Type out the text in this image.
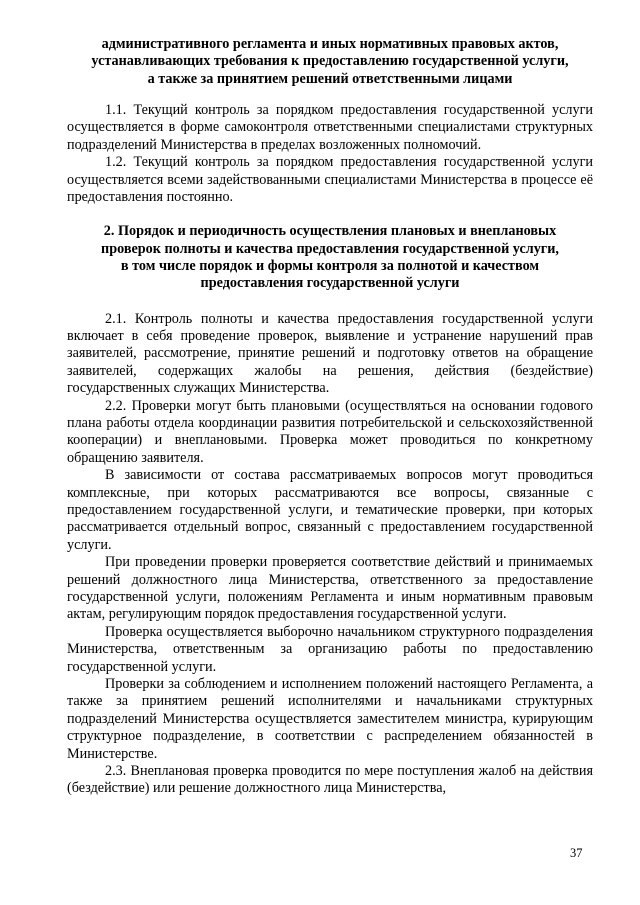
административного регламента и иных нормативных правовых актов,
устанавливающих требования к предоставлению государственной услуги,
а также за принятием решений ответственными лицами

1.1. Текущий контроль за порядком предоставления государственной услуги осуществляется в форме самоконтроля ответственными специалистами структурных подразделений Министерства в пределах возложенных полномочий.

1.2. Текущий контроль за порядком предоставления государственной услуги осуществляется всеми задействованными специалистами Министерства в процессе её предоставления постоянно.

2. Порядок и периодичность осуществления плановых и внеплановых
проверок полноты и качества предоставления государственной услуги,
в том числе порядок и формы контроля за полнотой и качеством
предоставления государственной услуги

2.1. Контроль полноты и качества предоставления государственной услуги включает в себя проведение проверок, выявление и устранение нарушений прав заявителей, рассмотрение, принятие решений и подготовку ответов на обращение заявителей, содержащих жалобы на решения, действия (бездействие) государственных служащих Министерства.

2.2. Проверки могут быть плановыми (осуществляться на основании годового плана работы отдела координации развития потребительской и сельскохозяйственной кооперации) и внеплановыми. Проверка может проводиться по конкретному обращению заявителя.

В зависимости от состава рассматриваемых вопросов могут проводиться комплексные, при которых рассматриваются все вопросы, связанные с предоставлением государственной услуги, и тематические проверки, при которых рассматривается отдельный вопрос, связанный с предоставлением государственной услуги.

При проведении проверки проверяется соответствие действий и принимаемых решений должностного лица Министерства, ответственного за предоставление государственной услуги, положениям Регламента и иным нормативным правовым актам, регулирующим порядок предоставления государственной услуги.

Проверка осуществляется выборочно начальником структурного подразделения Министерства, ответственным за организацию работы по предоставлению государственной услуги.

Проверки за соблюдением и исполнением положений настоящего Регламента, а также за принятием решений исполнителями и начальниками структурных подразделений Министерства осуществляется заместителем министра, курирующим структурное подразделение, в соответствии с распределением обязанностей в Министерстве.

2.3. Внеплановая проверка проводится по мере поступления жалоб на действия (бездействие) или решение должностного лица Министерства,

37
